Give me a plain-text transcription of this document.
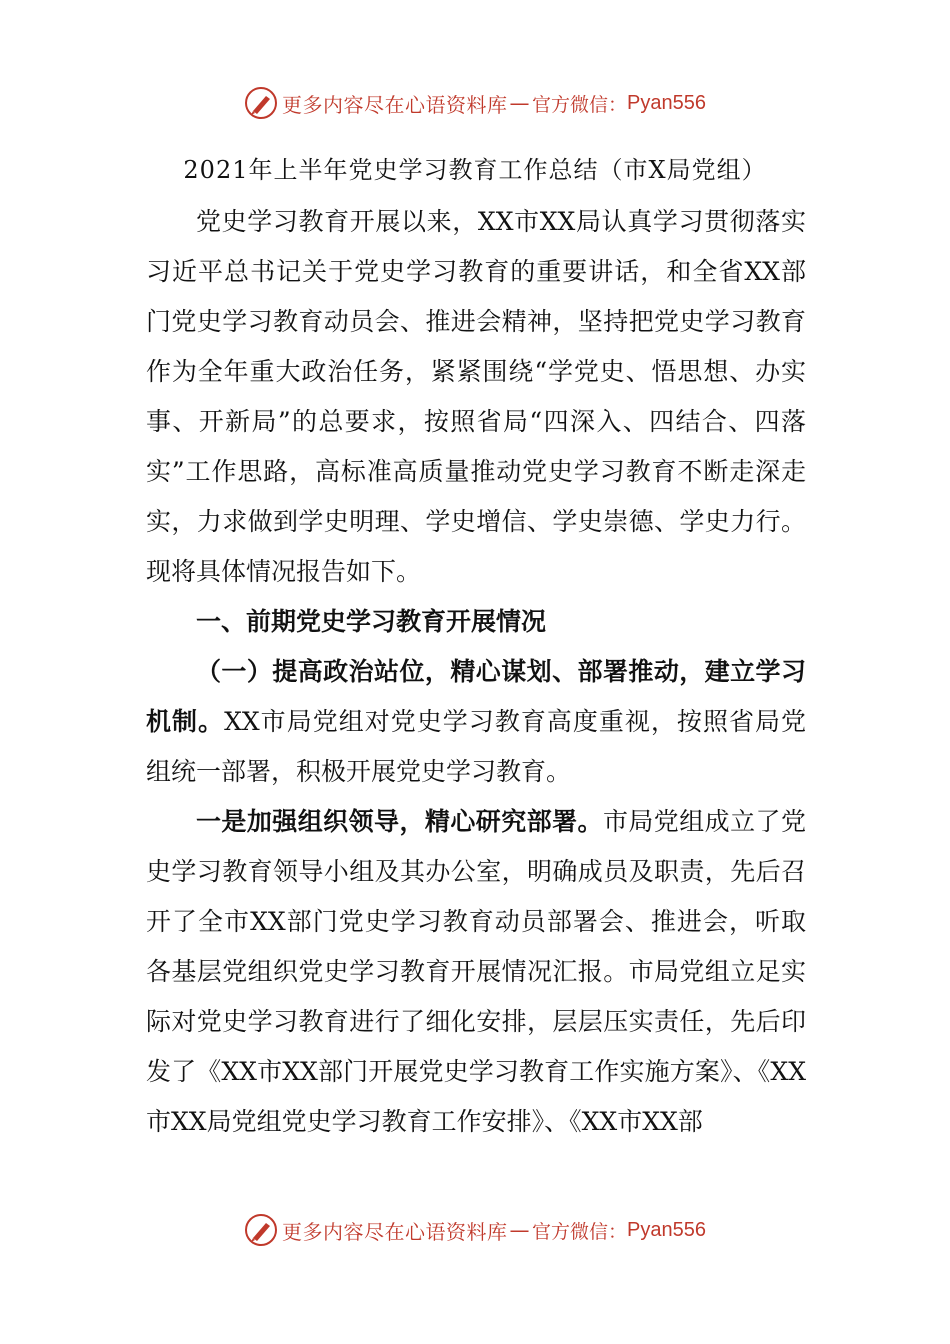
更多内容尽在心语资料库 — 官方微信： Pyan556
2021年上半年党史学习教育工作总结（市X局党组）

党史学习教育开展以来，XX市XX局认真学习贯彻落实习近平总书记关于党史学习教育的重要讲话，和全省XX部门党史学习教育动员会、推进会精神，坚持把党史学习教育作为全年重大政治任务，紧紧围绕“学党史、悟思想、办实事、开新局”的总要求，按照省局“四深入、四结合、四落实”工作思路，高标准高质量推动党史学习教育不断走深走实，力求做到学史明理、学史增信、学史崇德、学史力行。现将具体情况报告如下。

一、前期党史学习教育开展情况

（一）提高政治站位，精心谋划、部署推动，建立学习机制。XX市局党组对党史学习教育高度重视，按照省局党组统一部署，积极开展党史学习教育。

一是加强组织领导，精心研究部署。市局党组成立了党史学习教育领导小组及其办公室，明确成员及职责，先后召开了全市XX部门党史学习教育动员部署会、推进会，听取各基层党组织党史学习教育开展情况汇报。市局党组立足实际对党史学习教育进行了细化安排，层层压实责任，先后印发了《XX市XX部门开展党史学习教育工作实施方案》、《XX市XX局党组党史学习教育工作安排》、《XX市XX部

更多内容尽在心语资料库 — 官方微信： Pyan556
